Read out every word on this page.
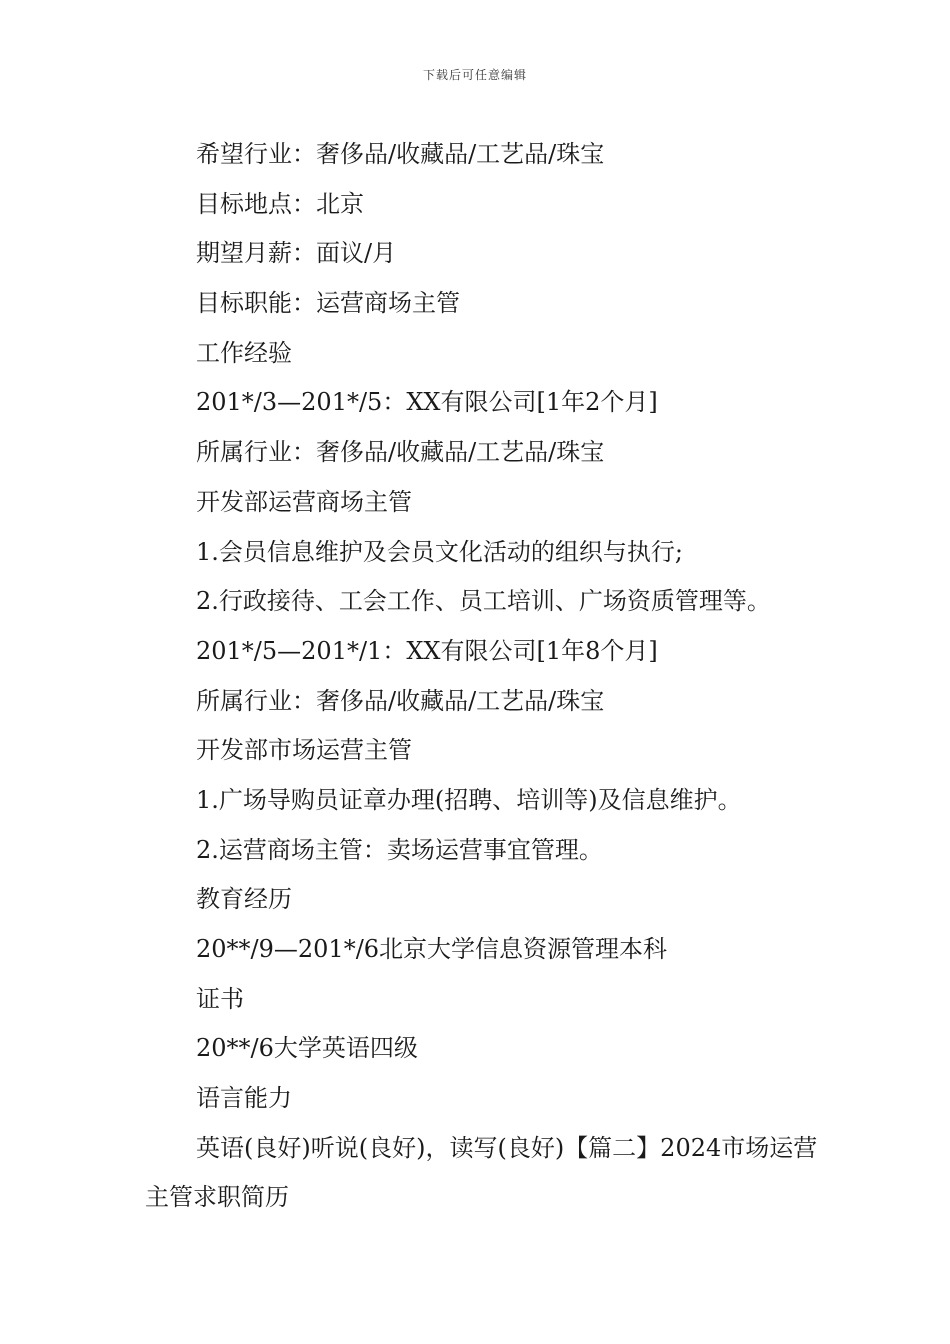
下载后可任意编辑
希望行业：奢侈品/收藏品/工艺品/珠宝
目标地点：北京
期望月薪：面议/月
目标职能：运营商场主管
工作经验
201*/3—201*/5：XX有限公司[1年2个月]
所属行业：奢侈品/收藏品/工艺品/珠宝
开发部运营商场主管
1.会员信息维护及会员文化活动的组织与执行;
2.行政接待、工会工作、员工培训、广场资质管理等。
201*/5—201*/1：XX有限公司[1年8个月]
所属行业：奢侈品/收藏品/工艺品/珠宝
开发部市场运营主管
1.广场导购员证章办理(招聘、培训等)及信息维护。
2.运营商场主管：卖场运营事宜管理。
教育经历
20**/9—201*/6北京大学信息资源管理本科
证书
20**/6大学英语四级
语言能力

英语(良好)听说(良好)，读写(良好)【篇二】2024市场运营主管求职简历
